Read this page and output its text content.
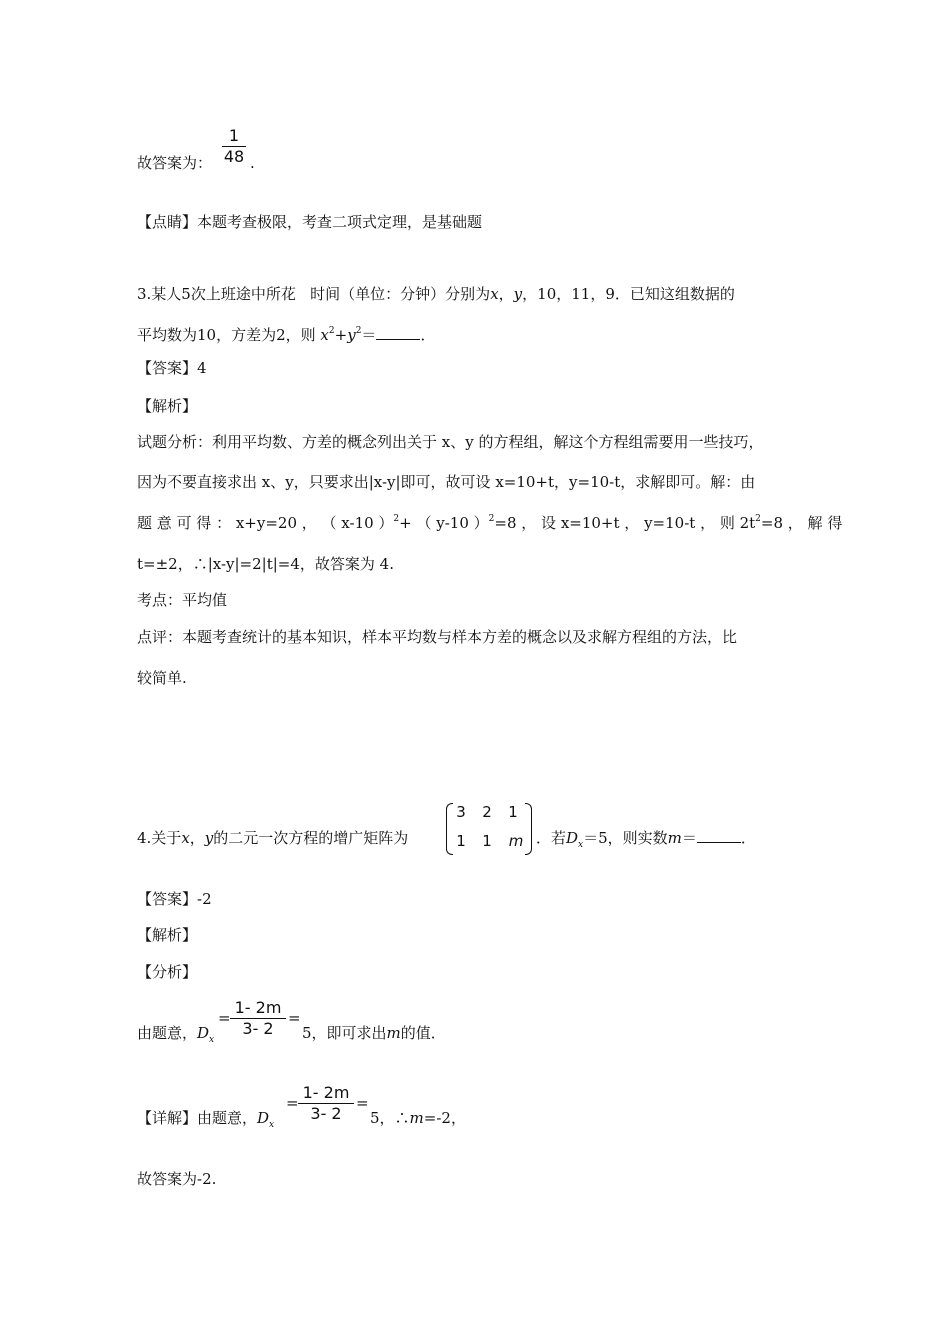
故答案为：
1
48 .
【点睛】本题考查极限，考查二项式定理，是基础题
3.某人5次上班途中所花 时间（单位：分钟）分别为x，y，10，11，9．已知这组数据的
平均数为10，方差为2，则 $x^2+y^2=$	．
【答案】4
【解析】
试题分析：利用平均数、方差的概念列出关于 x、y 的方程组，解这个方程组需要用一些技巧，
因为不要直接求出 x、y，只要求出|x-y|即可，故可设 x=10+t，y=10-t，求解即可。解：由
题 意 可 得 ： x+y=20 ， （ x-10 ）$^2$+ （ y-10 ）$^2$=8 ， 设 x=10+t ， y=10-t ， 则 $2t^2=8$ ， 解 得
t=±2，∴|x-y|=2|t|=4，故答案为 4.
考点：平均值
点评：本题考查统计的基本知识，样本平均数与样本方差的概念以及求解方程组的方法，比
较简单.
4.关于x，y的二元一次方程的增广矩阵为
3	2	1
1	1	m ．若$D_x=5$，则实数m＝	．
【答案】-2
【解析】
【分析】
由题意，$D_x$
=
1- 2m
3- 2
=
5，即可求出m的值．
【详解】由题意，$D_x$
=
1- 2m
3- 2
=
5，∴m=-2，
故答案为-2.
